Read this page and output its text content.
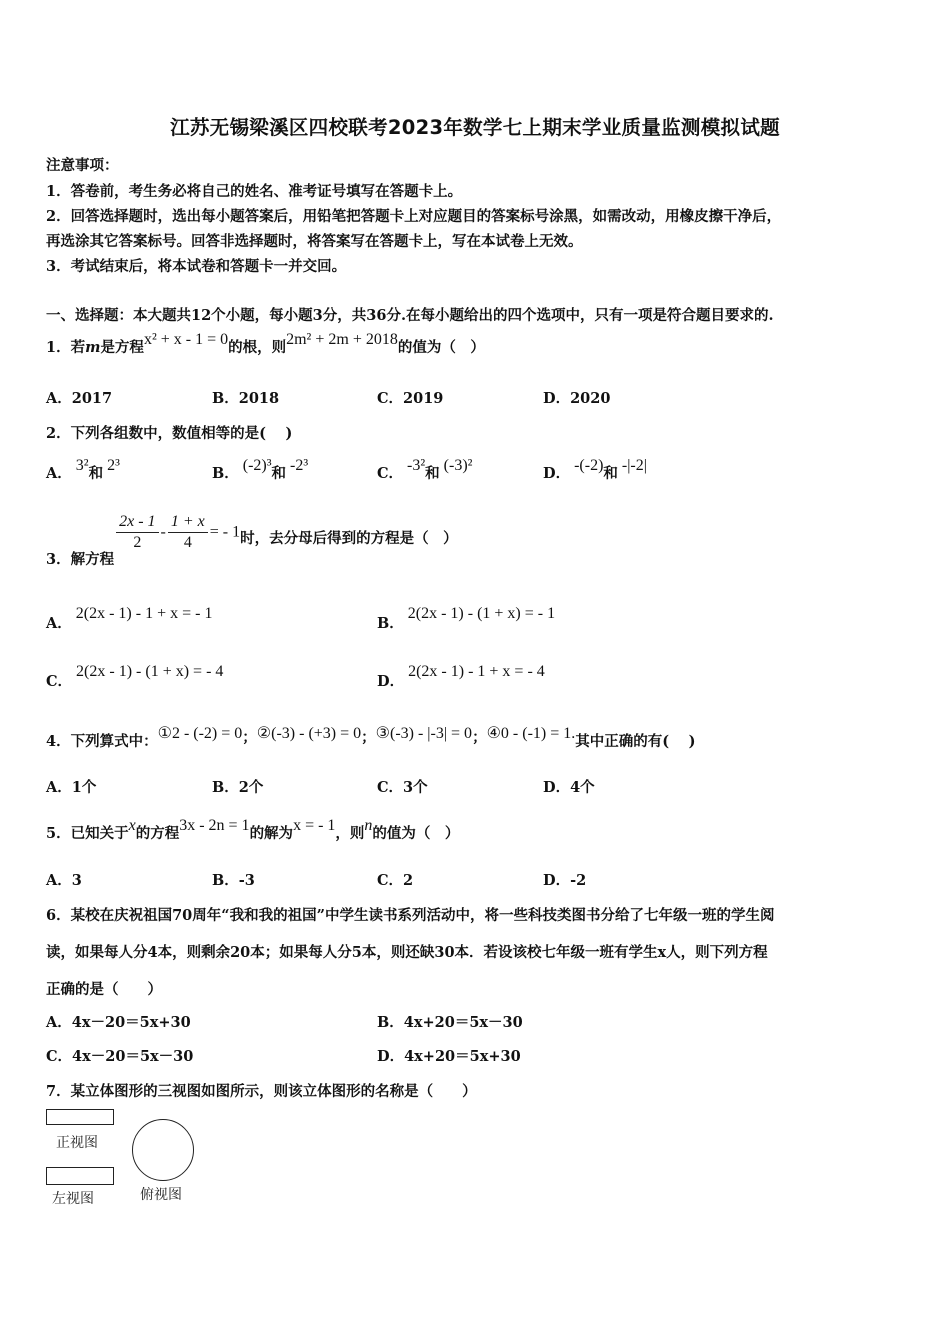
江苏无锡梁溪区四校联考2023年数学七上期末学业质量监测模拟试题
注意事项：
1．答卷前，考生务必将自己的姓名、准考证号填写在答题卡上。
2．回答选择题时，选出每小题答案后，用铅笔把答题卡上对应题目的答案标号涂黑，如需改动，用橡皮擦干净后，
再选涂其它答案标号。回答非选择题时，将答案写在答题卡上，写在本试卷上无效。
3．考试结束后，将本试卷和答题卡一并交回。
一、选择题：本大题共12个小题，每小题3分，共36分.在每小题给出的四个选项中，只有一项是符合题目要求的.
1．若m是方程x² + x - 1 = 0的根，则2m² + 2m + 2018的值为（　）
A．2017	B．2018	C．2019	D．2020
2．下列各组数中，数值相等的是(　 )
A． 3²和 2³	B． (-2)³和 -2³	C． -3²和 (-3)²	D． -(-2)和 -|-2|
3．解方程
$\frac{2x - 1}{2} - \frac{1 + x}{4}$ = - 1时，去分母后得到的方程是（　）
A．2(2x - 1) - 1 + x = - 1
B．2(2x - 1) - (1 + x) = - 1
C．2(2x - 1) - (1 + x) = - 4
D．2(2x - 1) - 1 + x = - 4
4．下列算式中：①2 - (-2) = 0；②(-3) - (+3) = 0；③(-3) - |-3| = 0；④0 - (-1) = 1.其中正确的有(　 )
A．1个	B．2个	C．3个	D．4个
5．已知关于x的方程3x - 2n = 1的解为x = - 1，则n的值为（　）
A．3	B．-3	C．2	D．-2
6．某校在庆祝祖国70周年“我和我的祖国”中学生读书系列活动中，将一些科技类图书分给了七年级一班的学生阅
读，如果每人分4本，则剩余20本；如果每人分5本，则还缺30本．若设该校七年级一班有学生x人，则下列方程
正确的是（　　）
A．4x－20＝5x+30	B．4x+20＝5x－30
C．4x－20＝5x－30	D．4x+20＝5x+30
7．某立体图形的三视图如图所示，则该立体图形的名称是（　　）
正视图
左视图	俯视图
